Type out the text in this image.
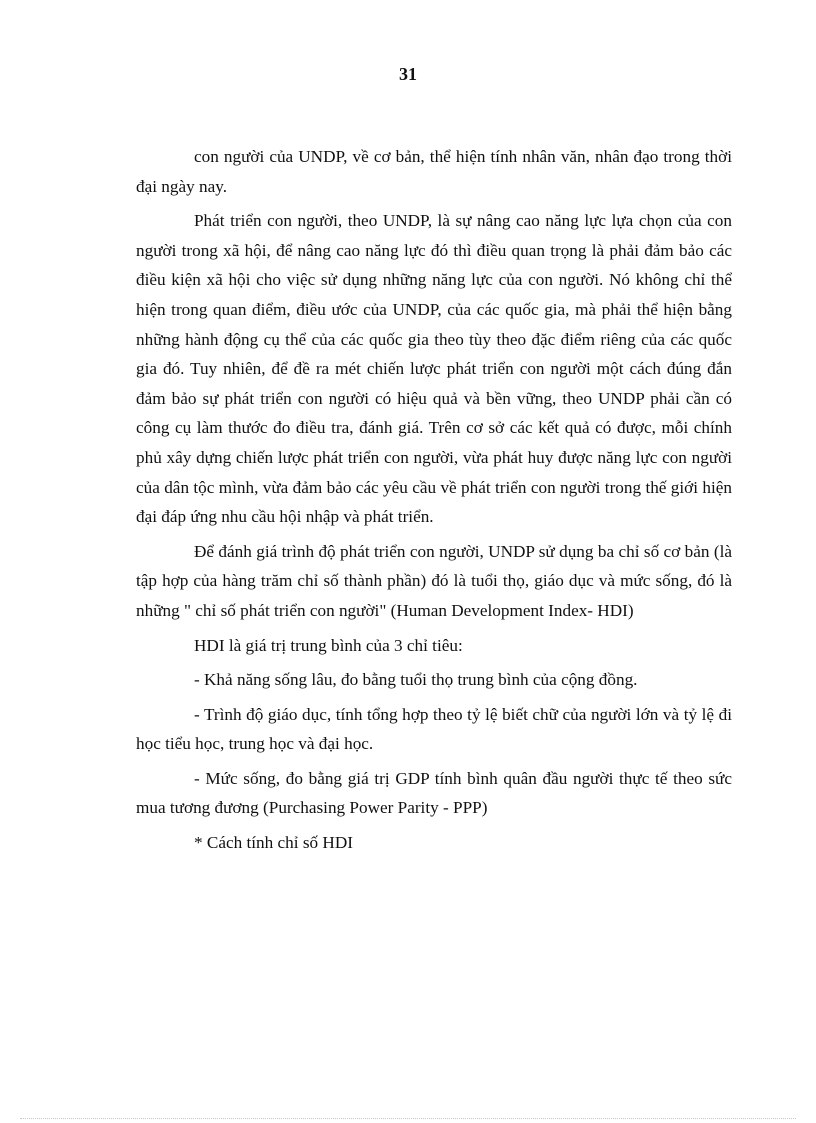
31

con người của UNDP, về cơ bản, thể hiện tính nhân văn, nhân đạo trong thời đại ngày nay.

Phát triển con người, theo UNDP, là sự nâng cao năng lực lựa chọn của con người trong xã hội, để nâng cao năng lực đó thì điều quan trọng là phải đảm bảo các điều kiện xã hội cho việc sử dụng những năng lực của con người. Nó không chỉ thể hiện trong quan điểm, điều ước của UNDP, của các quốc gia, mà phải thể hiện bằng những hành động cụ thể của các quốc gia theo tùy theo đặc điểm riêng của các quốc gia đó. Tuy nhiên, để đề ra mét chiến lược phát triển con người một cách đúng đắn đảm bảo sự phát triển con người có hiệu quả và bền vững, theo UNDP phải cần có công cụ làm thước đo điều tra, đánh giá. Trên cơ sở các kết quả có được, mỗi chính phủ xây dựng chiến lược phát triển con người, vừa phát huy được năng lực con người của dân tộc mình, vừa đảm bảo các yêu cầu về phát triển con người trong thế giới hiện đại đáp ứng nhu cầu hội nhập và phát triển.

Để đánh giá trình độ phát triển con người, UNDP sử dụng ba chỉ số cơ bản (là tập hợp của hàng trăm chỉ số thành phần) đó là tuổi thọ, giáo dục và mức sống, đó là những " chỉ số phát triển con người" (Human Development Index- HDI)

HDI là giá trị trung bình của 3 chỉ tiêu:

- Khả năng sống lâu, đo bằng tuổi thọ trung bình của cộng đồng.

- Trình độ giáo dục, tính tổng hợp theo tỷ lệ biết chữ của người lớn và tỷ lệ đi học tiểu học, trung học và đại học.

- Mức sống, đo bằng giá trị GDP tính bình quân đầu người thực tế theo sức mua tương đương (Purchasing Power Parity - PPP)

* Cách tính chỉ số HDI
